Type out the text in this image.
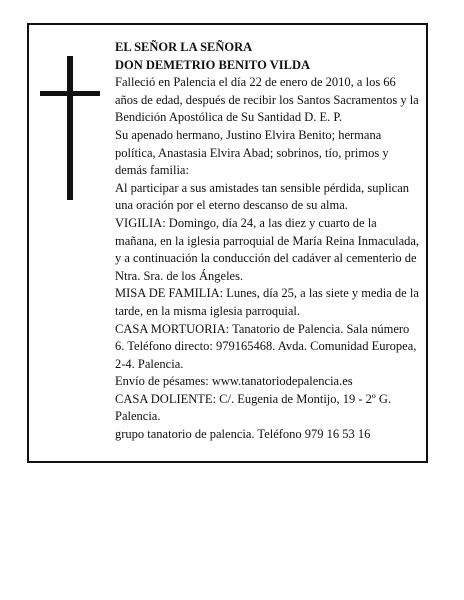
EL SEÑOR LA SEÑORA

DON DEMETRIO BENITO VILDA

Falleció en Palencia el día 22 de enero de 2010, a los 66 años de edad, después de recibir los Santos Sacramentos y la Bendición Apostólica de Su Santidad D. E. P.

Su apenado hermano, Justino Elvira Benito; hermana política, Anastasia Elvira Abad; sobrinos, tío, primos y demás familia:

Al participar a sus amistades tan sensible pérdida, suplican una oración por el eterno descanso de su alma.

VIGILIA: Domingo, día 24, a las diez y cuarto de la mañana, en la iglesia parroquial de María Reina Inmaculada, y a continuación la conducción del cadáver al cementerio de Ntra. Sra. de los Ángeles.

MISA DE FAMILIA: Lunes, día 25, a las siete y media de la tarde, en la misma iglesia parroquial.

CASA MORTUORIA: Tanatorio de Palencia. Sala número 6. Teléfono directo: 979165468. Avda. Comunidad Europea, 2-4. Palencia.

Envío de pésames: www.tanatoriodepalencia.es

CASA DOLIENTE: C/. Eugenia de Montijo, 19 - 2º G. Palencia.

grupo tanatorio de palencia. Teléfono 979 16 53 16
